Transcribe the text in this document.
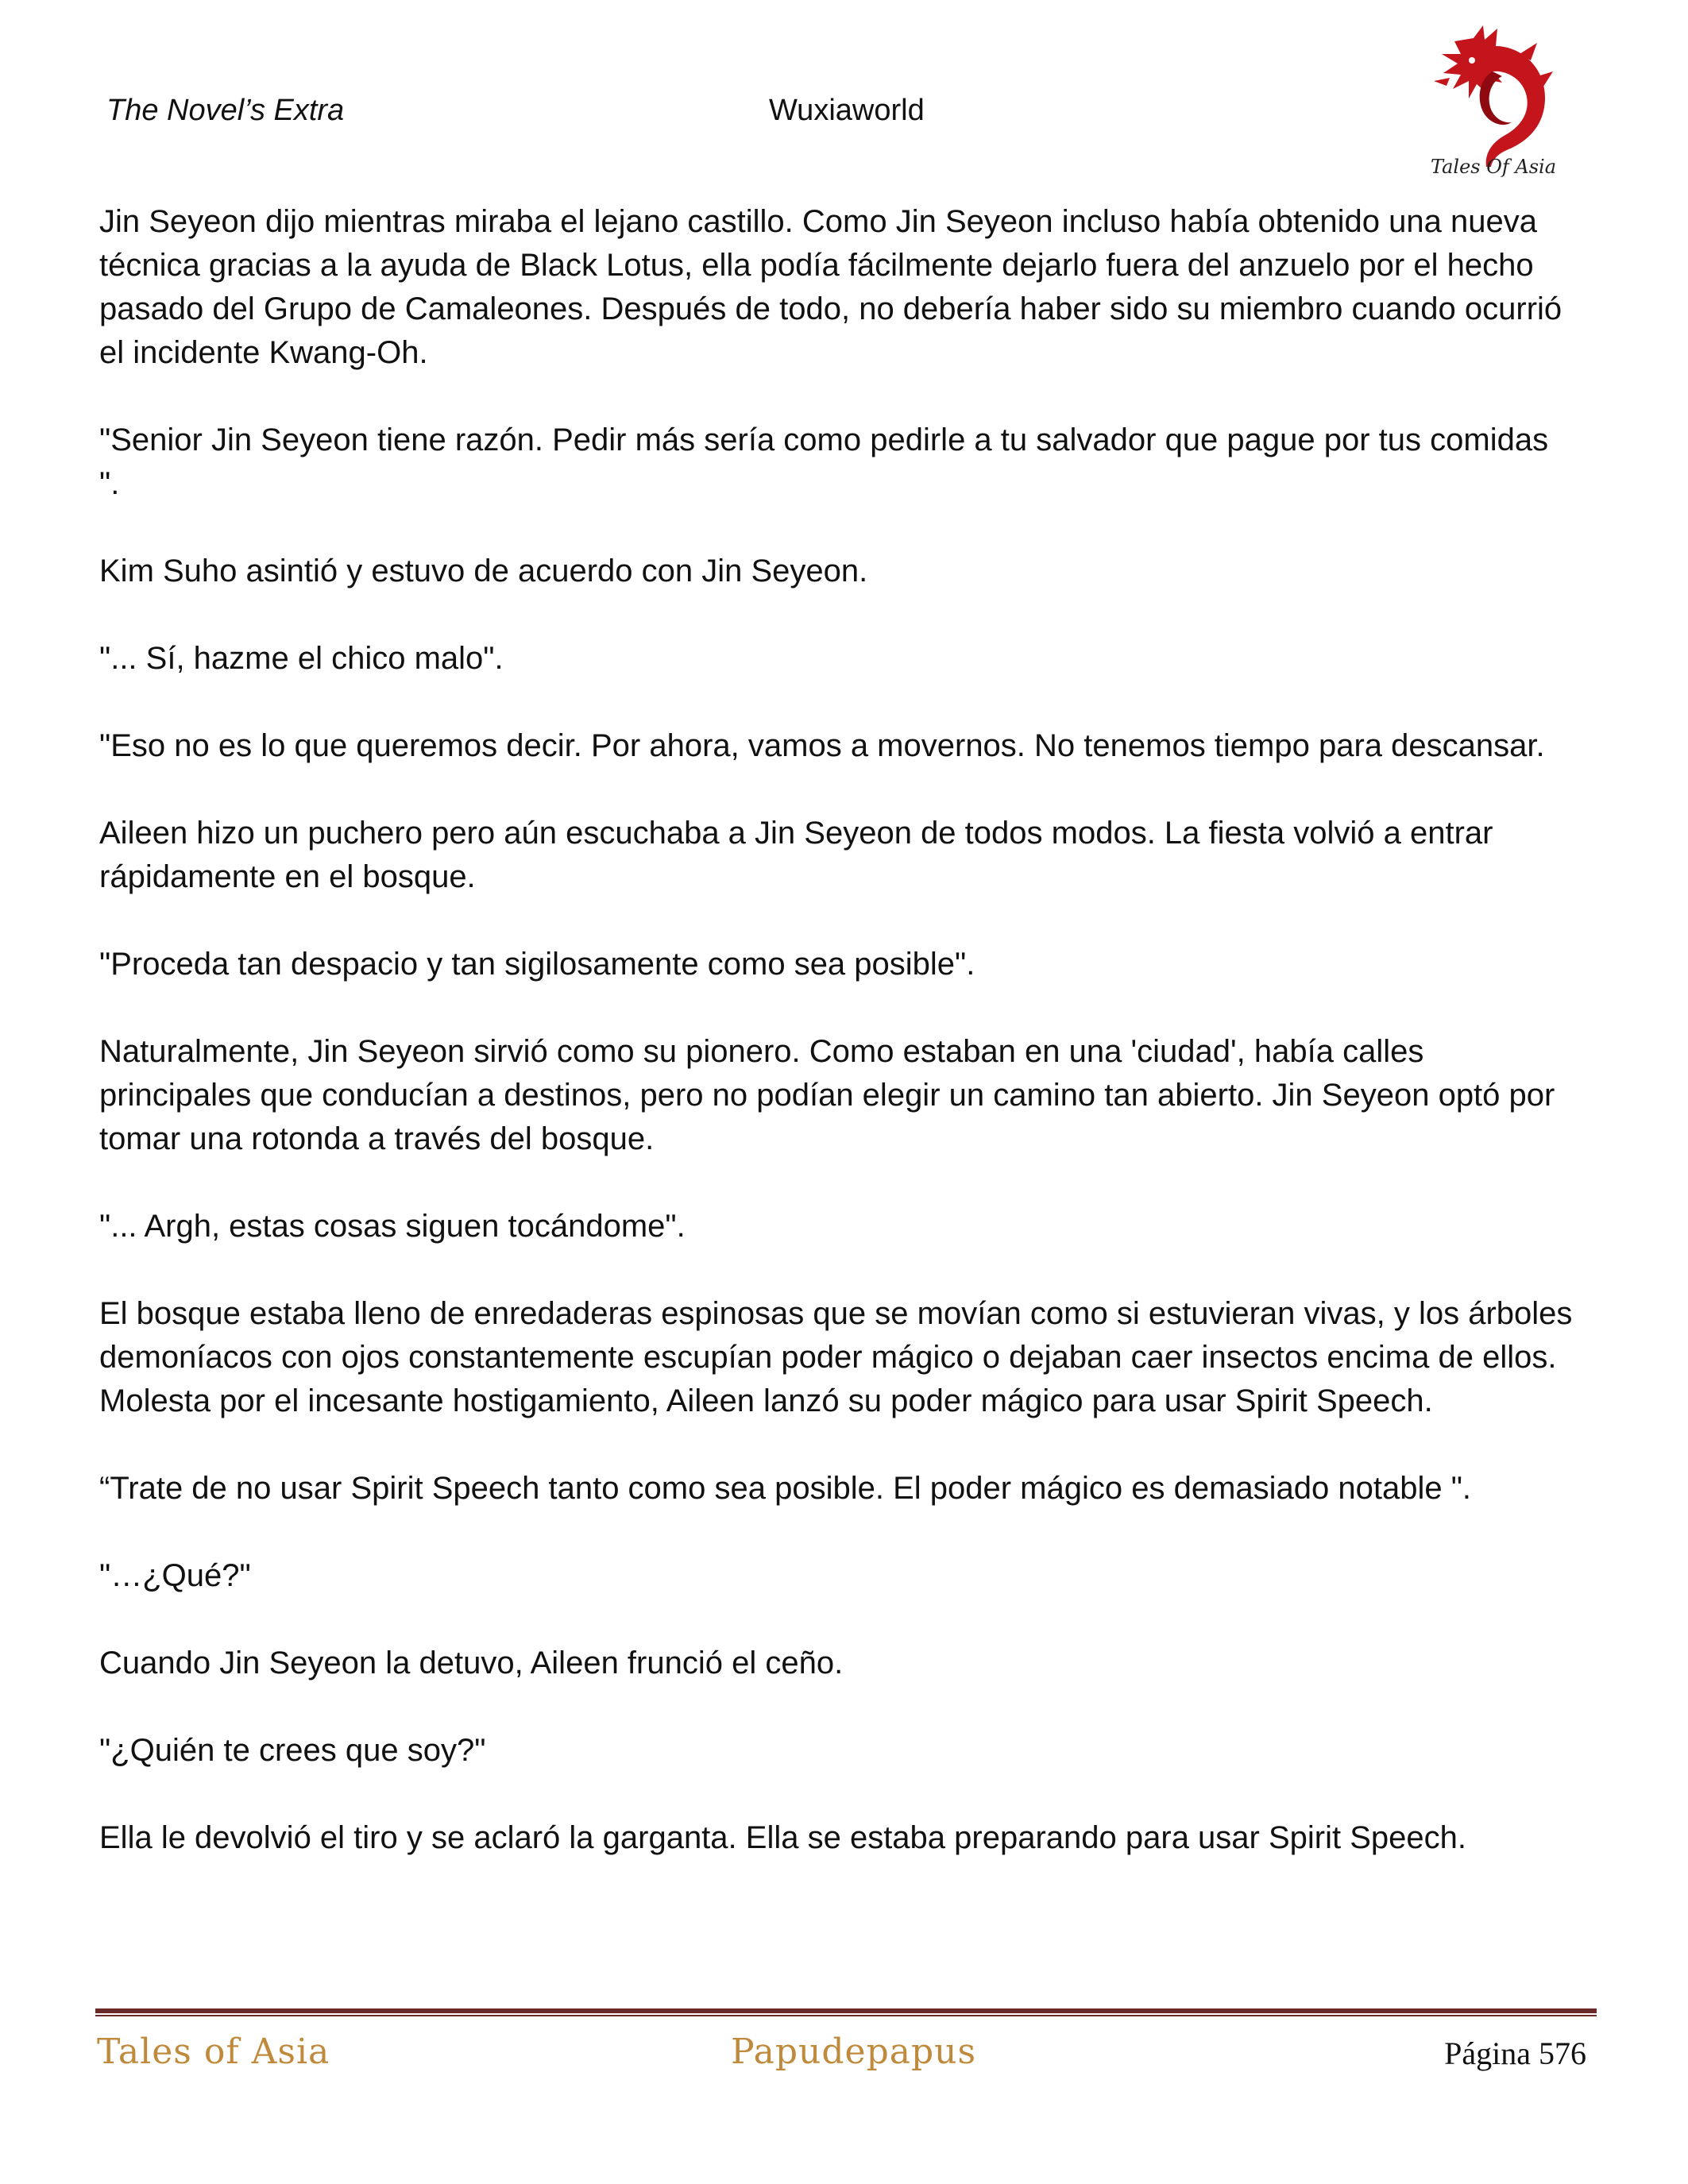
The Novel’s Extra	Wuxiaworld
Tales Of Asia

Jin Seyeon dijo mientras miraba el lejano castillo. Como Jin Seyeon incluso había obtenido una nueva técnica gracias a la ayuda de Black Lotus, ella podía fácilmente dejarlo fuera del anzuelo por el hecho pasado del Grupo de Camaleones. Después de todo, no debería haber sido su miembro cuando ocurrió el incidente Kwang-Oh.

"Senior Jin Seyeon tiene razón. Pedir más sería como pedirle a tu salvador que pague por tus comidas ".

Kim Suho asintió y estuvo de acuerdo con Jin Seyeon.

"... Sí, hazme el chico malo".

"Eso no es lo que queremos decir. Por ahora, vamos a movernos. No tenemos tiempo para descansar.

Aileen hizo un puchero pero aún escuchaba a Jin Seyeon de todos modos. La fiesta volvió a entrar rápidamente en el bosque.

"Proceda tan despacio y tan sigilosamente como sea posible".

Naturalmente, Jin Seyeon sirvió como su pionero. Como estaban en una 'ciudad', había calles principales que conducían a destinos, pero no podían elegir un camino tan abierto. Jin Seyeon optó por tomar una rotonda a través del bosque.

"... Argh, estas cosas siguen tocándome".

El bosque estaba lleno de enredaderas espinosas que se movían como si estuvieran vivas, y los árboles demoníacos con ojos constantemente escupían poder mágico o dejaban caer insectos encima de ellos. Molesta por el incesante hostigamiento, Aileen lanzó su poder mágico para usar Spirit Speech.

“Trate de no usar Spirit Speech tanto como sea posible. El poder mágico es demasiado notable ".

"…¿Qué?"

Cuando Jin Seyeon la detuvo, Aileen frunció el ceño.

"¿Quién te crees que soy?"

Ella le devolvió el tiro y se aclaró la garganta. Ella se estaba preparando para usar Spirit Speech.

Tales of Asia	Papudepapus	Página 576
